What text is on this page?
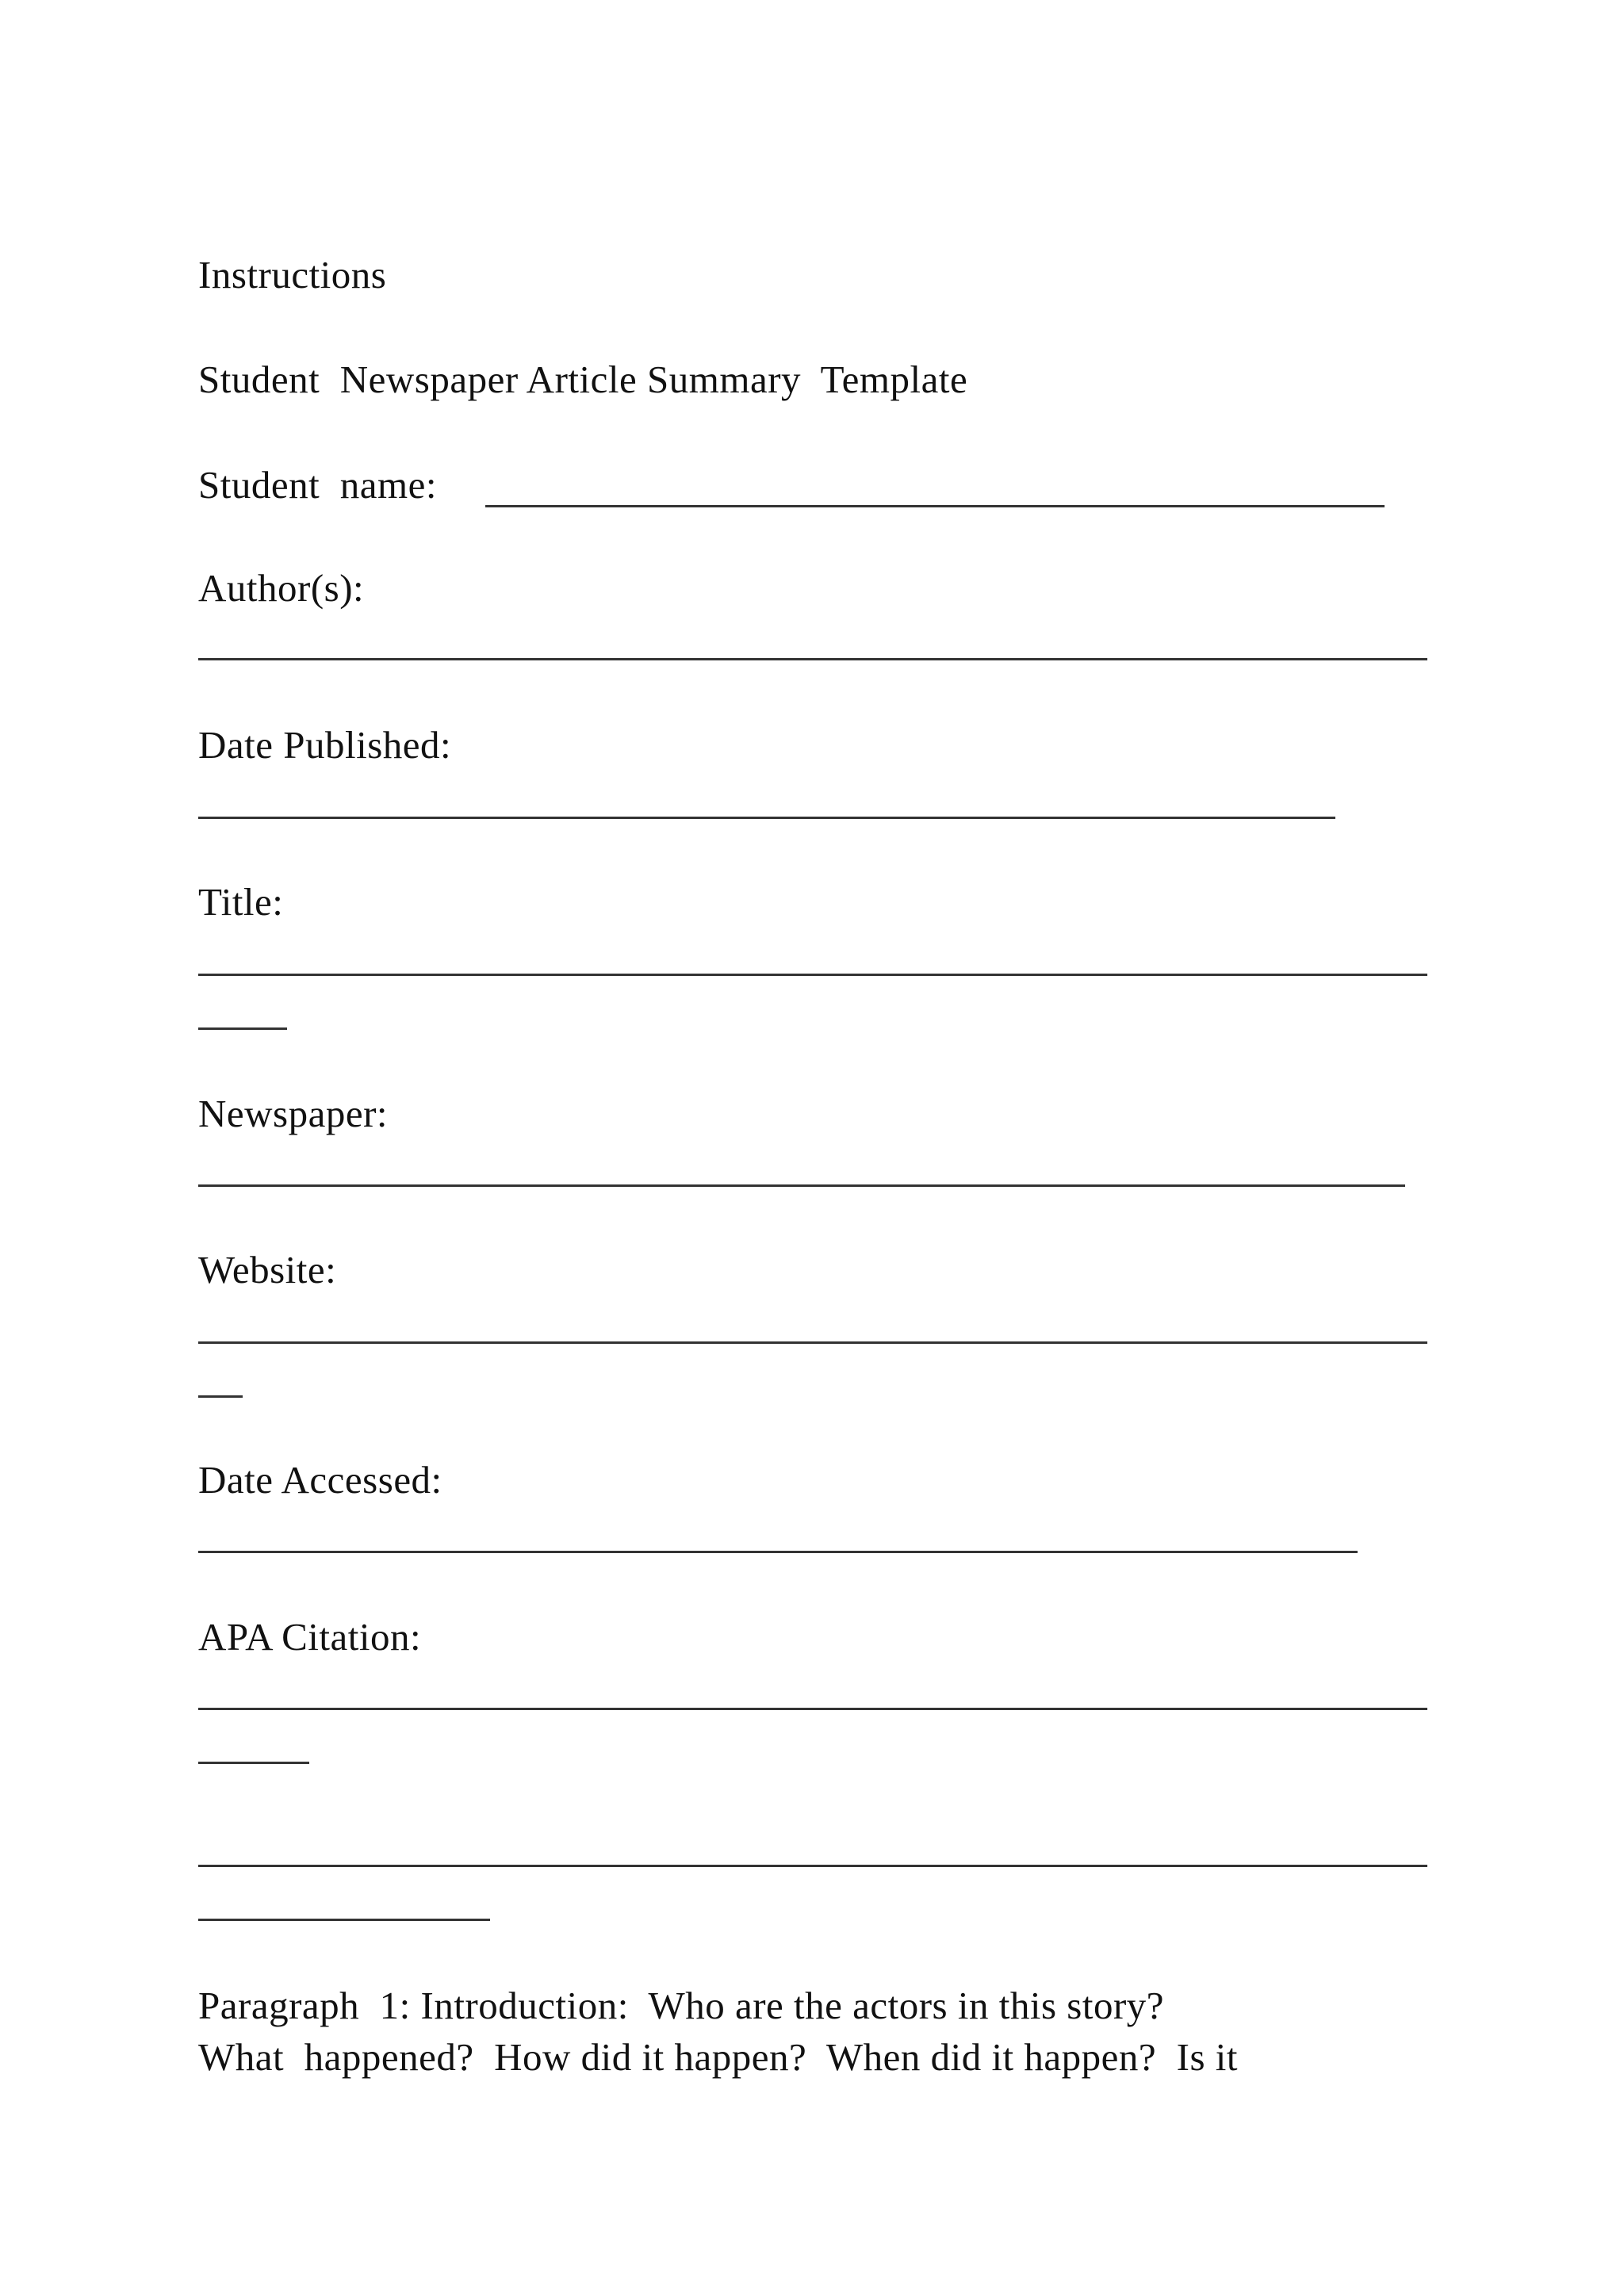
Instructions
Student  Newspaper Article Summary  Template
Student  name:
Author(s):
Date Published:
Title:
Newspaper:
Website:
Date Accessed:
APA Citation:
Paragraph  1: Introduction:  Who are the actors in this story?
What  happened?  How did it happen?  When did it happen?  Is it
